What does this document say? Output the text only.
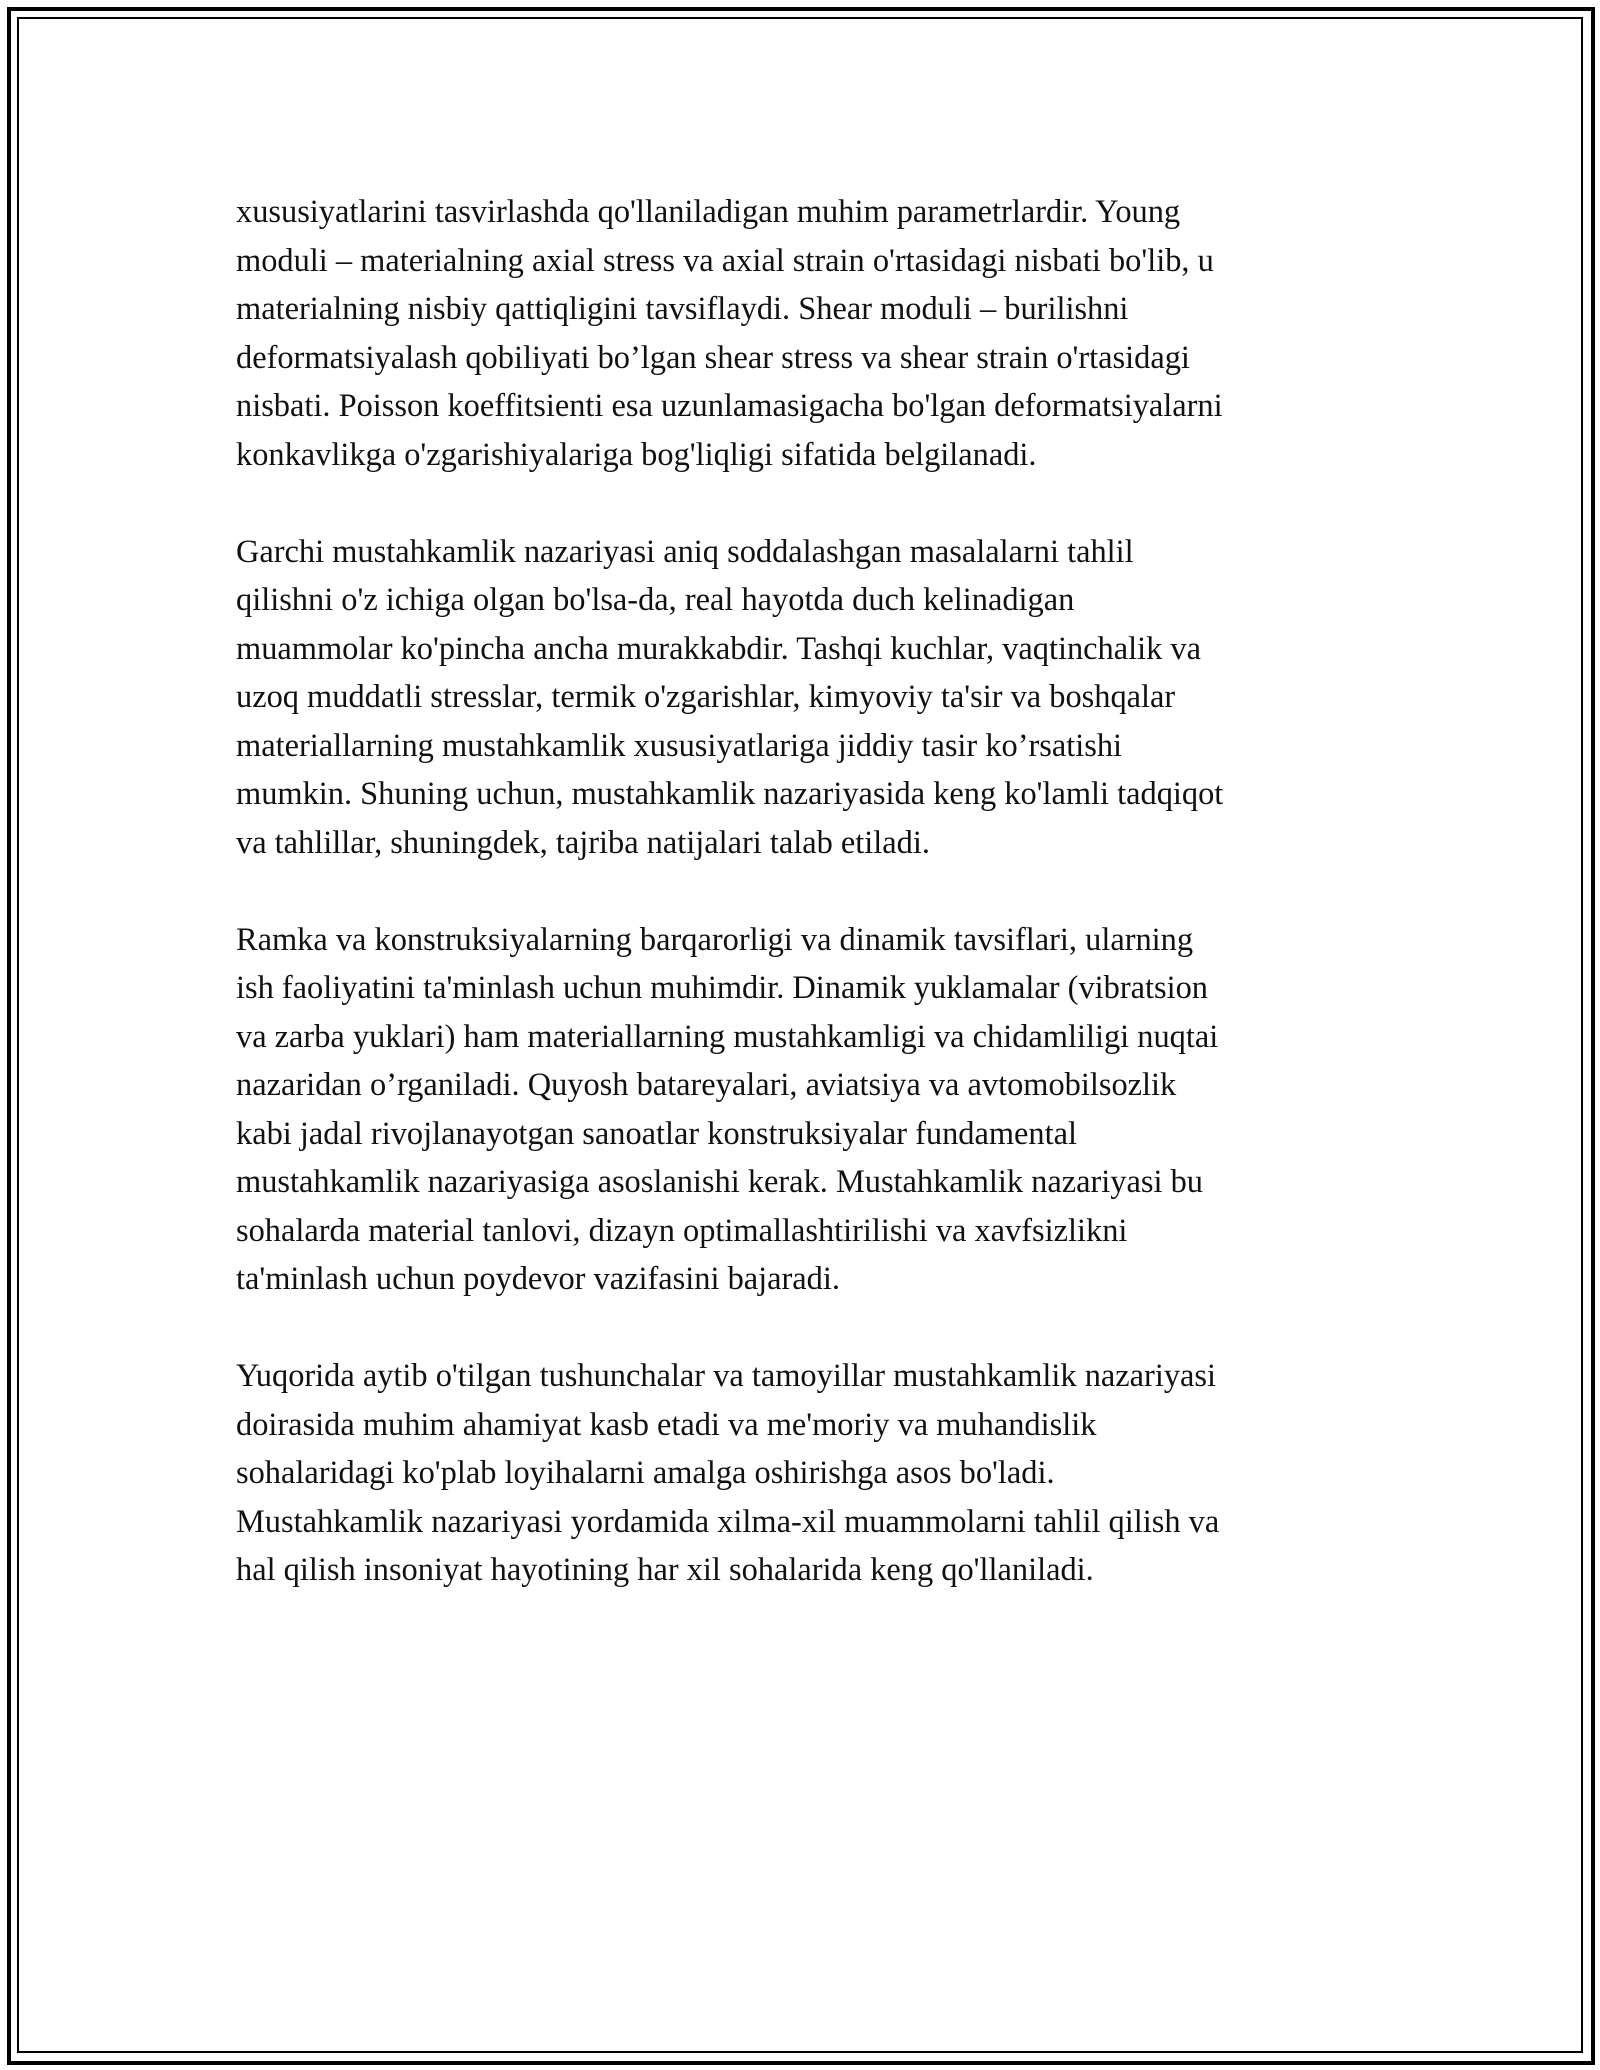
xususiyatlarini tasvirlashda qo'llaniladigan muhim parametrlardir. Young
moduli – materialning axial stress va axial strain o'rtasidagi nisbati bo'lib, u
materialning nisbiy qattiqligini tavsiflaydi. Shear moduli – burilishni
deformatsiyalash qobiliyati bo’lgan shear stress va shear strain o'rtasidagi
nisbati. Poisson koeffitsienti esa uzunlamasigacha bo'lgan deformatsiyalarni
konkavlikga o'zgarishiyalariga bog'liqligi sifatida belgilanadi.

Garchi mustahkamlik nazariyasi aniq soddalashgan masalalarni tahlil
qilishni o'z ichiga olgan bo'lsa-da, real hayotda duch kelinadigan
muammolar ko'pincha ancha murakkabdir. Tashqi kuchlar, vaqtinchalik va
uzoq muddatli stresslar, termik o'zgarishlar, kimyoviy ta'sir va boshqalar
materiallarning mustahkamlik xususiyatlariga jiddiy tasir ko’rsatishi
mumkin. Shuning uchun, mustahkamlik nazariyasida keng ko'lamli tadqiqot
va tahlillar, shuningdek, tajriba natijalari talab etiladi.

Ramka va konstruksiyalarning barqarorligi va dinamik tavsiflari, ularning
ish faoliyatini ta'minlash uchun muhimdir. Dinamik yuklamalar (vibratsion
va zarba yuklari) ham materiallarning mustahkamligi va chidamliligi nuqtai
nazaridan o’rganiladi. Quyosh batareyalari, aviatsiya va avtomobilsozlik
kabi jadal rivojlanayotgan sanoatlar konstruksiyalar fundamental
mustahkamlik nazariyasiga asoslanishi kerak. Mustahkamlik nazariyasi bu
sohalarda material tanlovi, dizayn optimallashtirilishi va xavfsizlikni
ta'minlash uchun poydevor vazifasini bajaradi.

Yuqorida aytib o'tilgan tushunchalar va tamoyillar mustahkamlik nazariyasi
doirasida muhim ahamiyat kasb etadi va me'moriy va muhandislik
sohalaridagi ko'plab loyihalarni amalga oshirishga asos bo'ladi.
Mustahkamlik nazariyasi yordamida xilma-xil muammolarni tahlil qilish va
hal qilish insoniyat hayotining har xil sohalarida keng qo'llaniladi.
